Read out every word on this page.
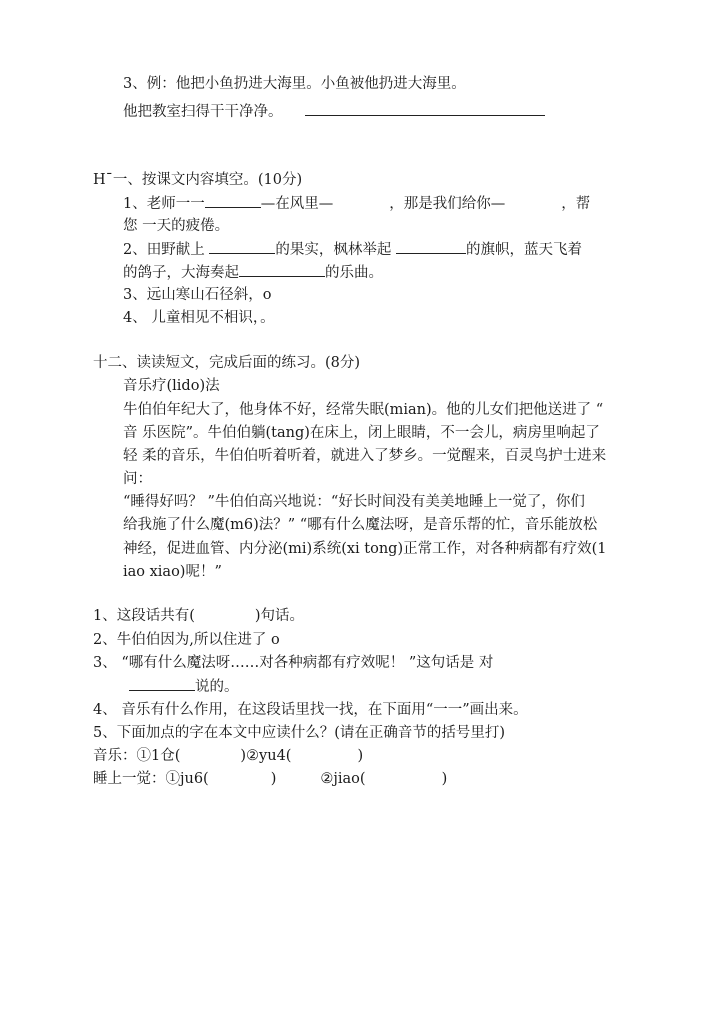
3、例：他把小鱼扔进大海里。小鱼被他扔进大海里。
他把教室扫得干干净净。
H¯一、按课文内容填空。(10分)
1、老师一一	—在风里—	，那是我们给你—	，帮
您 一天的疲倦。
2、田野献上	的果实，枫林举起	的旗帜，蓝天飞着
的鸽子，大海奏起	的乐曲。
3、远山寒山石径斜，o
4、 儿童相见不相识，。
十二、读读短文，完成后面的练习。(8分)
音乐疗(lido)法
牛伯伯年纪大了，他身体不好，经常失眠(mian)。他的儿女们把他送进了 “
音 乐医院”。牛伯伯躺(tang)在床上，闭上眼睛，不一会儿，病房里响起了
轻 柔的音乐，牛伯伯听着听着，就进入了梦乡。一觉醒来，百灵鸟护士进来
问：
“睡得好吗？ ”牛伯伯高兴地说：“好长时间没有美美地睡上一觉了，你们
给我施了什么魔(m6)法？” “哪有什么魔法呀，是音乐帮的忙，音乐能放松
神经，促进血管、内分泌(mi)系统(xi tong)正常工作，对各种病都有疗效(1
iao xiao)呢！”
1、这段话共有(	)句话。
2、牛伯伯因为,所以住进了 o
3、 “哪有什么魔法呀……对各种病都有疗效呢！ ”这句话是 对
说的。
4、 音乐有什么作用，在这段话里找一找，在下面用“一一”画出来。
5、下面加点的字在本文中应读什么？(请在正确音节的括号里打)
音乐：①1仓(	)②yu4(	)
睡上一觉：①ju6(	)	②jiao(	)
